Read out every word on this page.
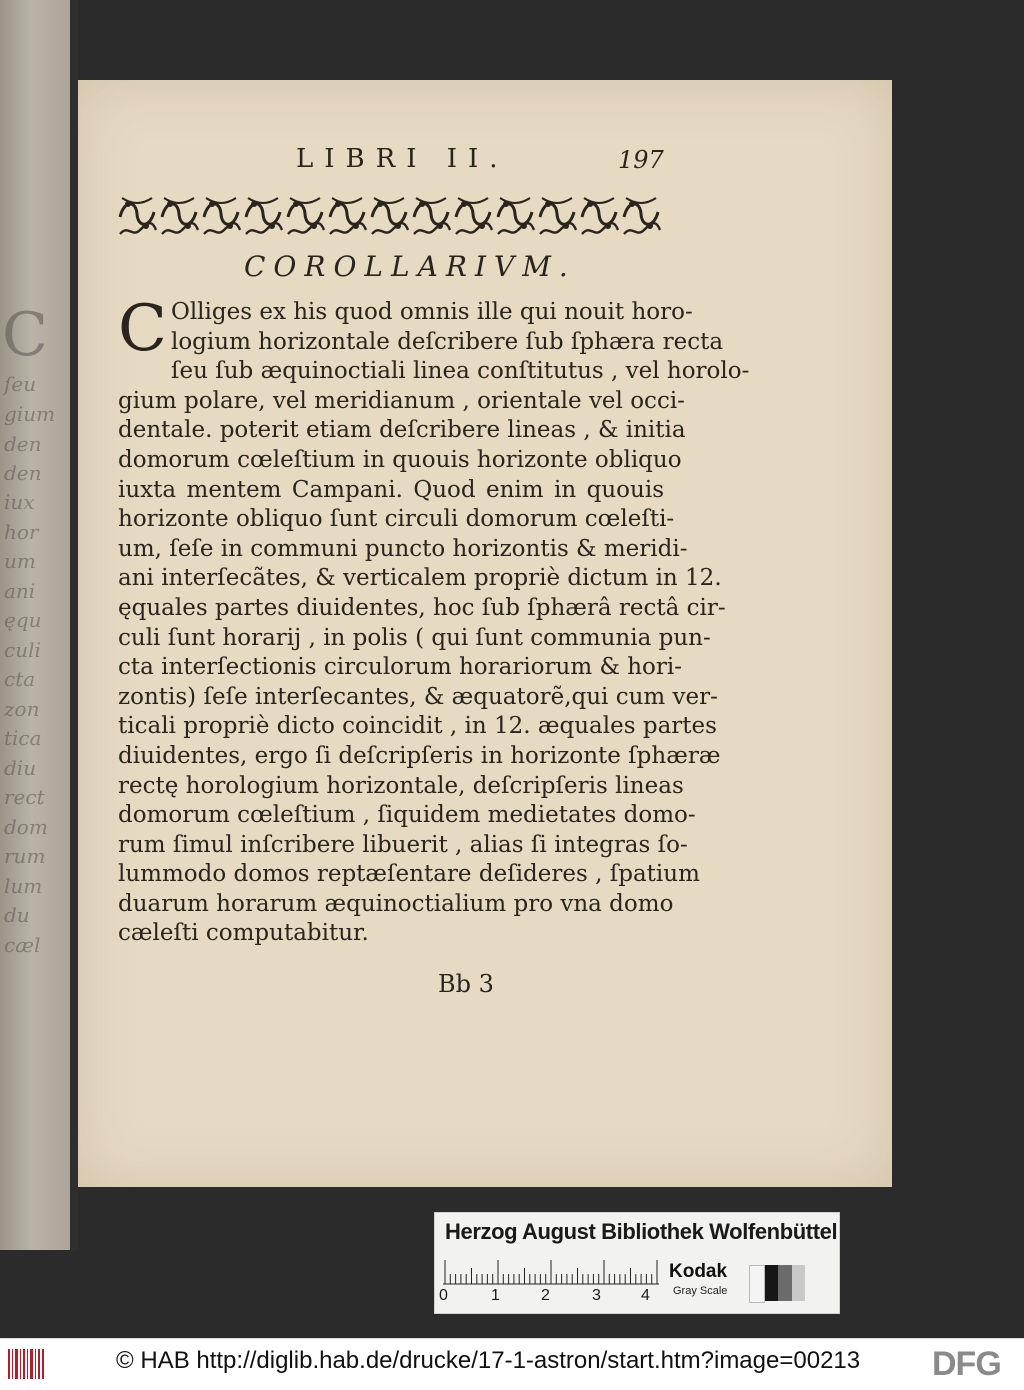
C
ſeu
gium
den
den
iux
hor
um
ani
ęqu
culi
cta
zon
tica
diu
rect
dom
rum
lum
du
cæl
LIBRI II.	197
COROLLARIVM.
C Olliges ex his quod omnis ille qui nouit horo-
logium horizontale deſcribere ſub ſphæra recta
ſeu ſub æquinoctiali linea conſtitutus , vel horolo-
gium polare, vel meridianum , orientale vel occi-
dentale. poterit etiam deſcribere lineas , & initia
domorum cœleſtium in quouis horizonte obliquo
iuxta mentem Campani. Quod enim in quouis
horizonte obliquo ſunt circuli domorum cœleſti-
um, ſeſe in communi puncto horizontis & meridi-
ani interſecãtes, & verticalem propriè dictum in 12.
ęquales partes diuidentes, hoc ſub ſphærâ rectâ cir-
culi ſunt horarij , in polis ( qui ſunt communia pun-
cta interſectionis circulorum horariorum & hori-
zontis) ſeſe interſecantes, & æquatorẽ,qui cum ver-
ticali propriè dicto coincidit , in 12. æquales partes
diuidentes, ergo ſi deſcripſeris in horizonte ſphæræ
rectę horologium horizontale, deſcripſeris lineas
domorum cœleſtium , ſiquidem medietates domo-
rum ſimul inſcribere libuerit , alias ſi integras ſo-
lummodo domos reptæſentare deſideres , ſpatium
duarum horarum æquinoctialium pro vna domo
cæleſti computabitur.
Bb 3
Herzog August Bibliothek Wolfenbüttel
0	1	2	3	4
Kodak
Gray Scale
© HAB http://diglib.hab.de/drucke/17-1-astron/start.htm?image=00213 DFG
